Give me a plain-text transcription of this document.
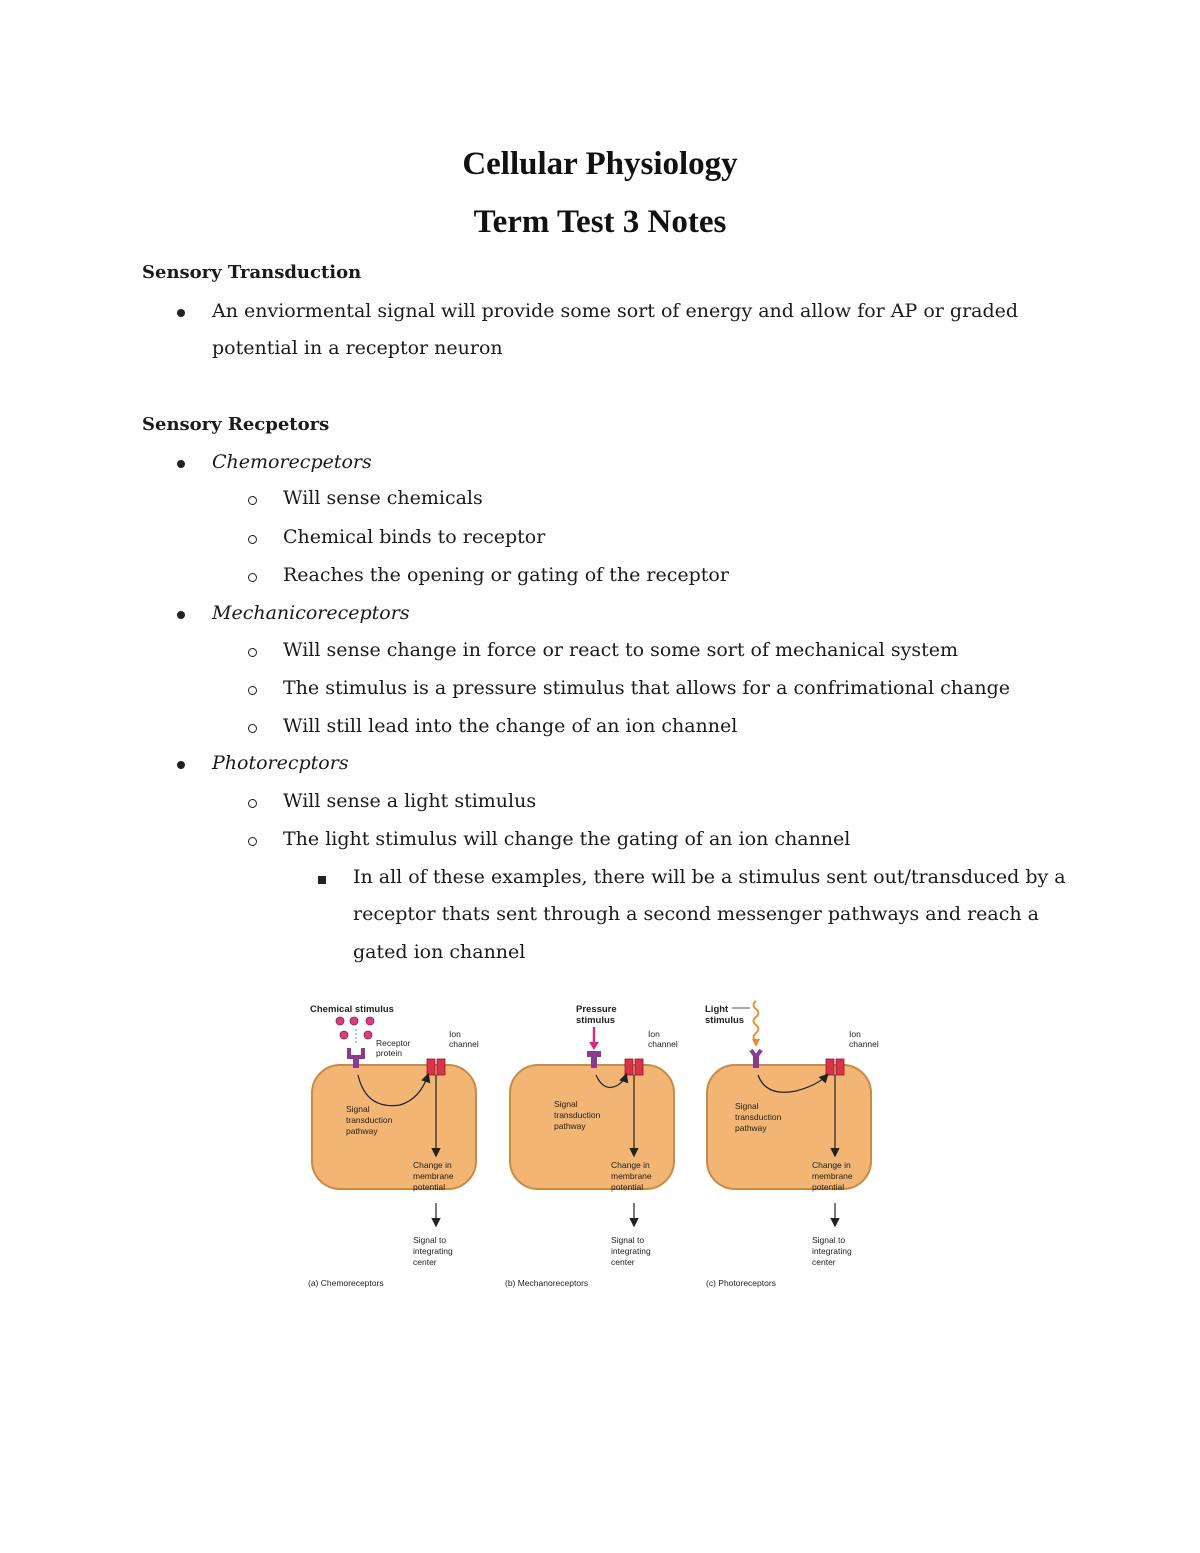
Cellular Physiology
Term Test 3 Notes
Sensory Transduction
An enviormental signal will provide some sort of energy and allow for AP or graded
potential in a receptor neuron
Sensory Recpetors
Chemorecpetors
Will sense chemicals
Chemical binds to receptor
Reaches the opening or gating of the receptor
Mechanicoreceptors
Will sense change in force or react to some sort of mechanical system
The stimulus is a pressure stimulus that allows for a confrimational change
Will still lead into the change of an ion channel
Photorecptors
Will sense a light stimulus
The light stimulus will change the gating of an ion channel
In all of these examples, there will be a stimulus sent out/transduced by a
receptor thats sent through a second messenger pathways and reach a
gated ion channel
Chemical stimulus
Receptor
protein
Ion
channel
Signal
transduction
pathway
Change in
membrane
potential
Signal to
integrating
center
(a) Chemoreceptors
Pressure
stimulus
Ion
channel
Signal
transduction
pathway
Change in
membrane
potential
Signal to
integrating
center
(b) Mechanoreceptors
Light
stimulus
Ion
channel
Signal
transduction
pathway
Change in
membrane
potential
Signal to
integrating
center
(c) Photoreceptors
